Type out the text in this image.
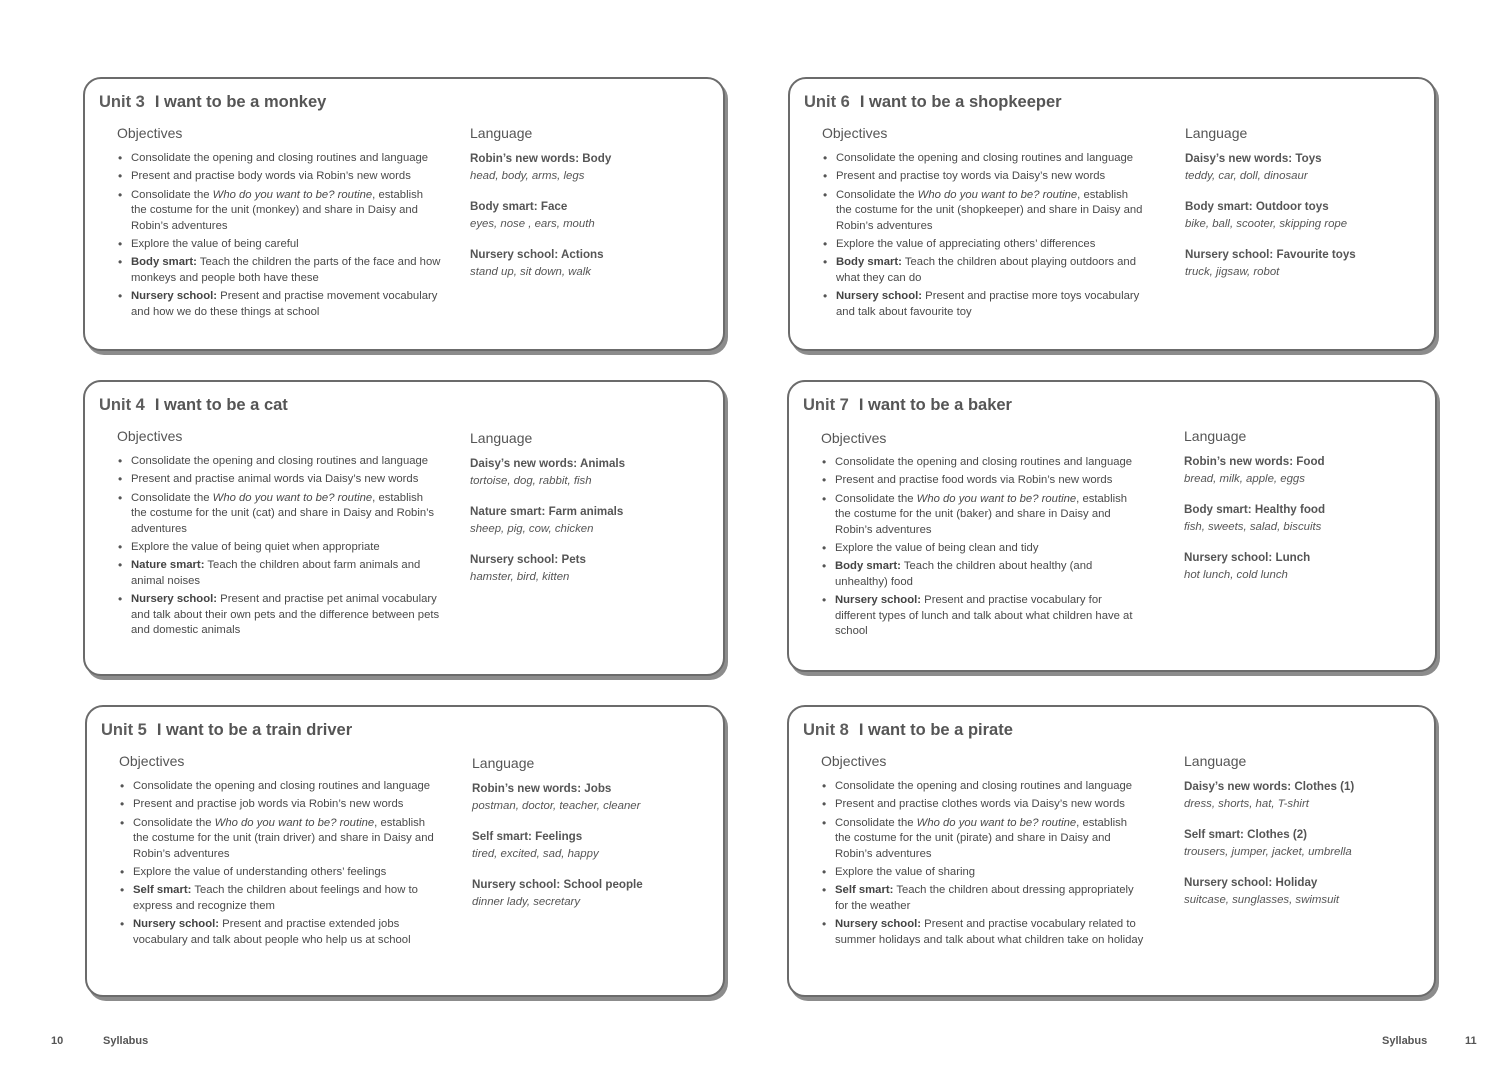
Unit 3 I want to be a monkey
Objectives
• Consolidate the opening and closing routines and language
• Present and practise body words via Robin’s new words
• Consolidate the Who do you want to be? routine, establish the costume for the unit (monkey) and share in Daisy and Robin’s adventures
• Explore the value of being careful
• Body smart: Teach the children the parts of the face and how monkeys and people both have these
• Nursery school: Present and practise movement vocabulary and how we do these things at school
Language
Robin’s new words: Body
head, body, arms, legs
Body smart: Face
eyes, nose , ears, mouth
Nursery school: Actions
stand up, sit down, walk
Unit 4 I want to be a cat
Objectives
• Consolidate the opening and closing routines and language
• Present and practise animal words via Daisy’s new words
• Consolidate the Who do you want to be? routine, establish the costume for the unit (cat) and share in Daisy and Robin’s adventures
• Explore the value of being quiet when appropriate
• Nature smart: Teach the children about farm animals and animal noises
• Nursery school: Present and practise pet animal vocabulary and talk about their own pets and the difference between pets and domestic animals
Language
Daisy’s new words: Animals
tortoise, dog, rabbit, fish
Nature smart: Farm animals
sheep, pig, cow, chicken
Nursery school: Pets
hamster, bird, kitten
Unit 5 I want to be a train driver
Objectives
• Consolidate the opening and closing routines and language
• Present and practise job words via Robin’s new words
• Consolidate the Who do you want to be? routine, establish the costume for the unit (train driver) and share in Daisy and Robin’s adventures
• Explore the value of understanding others’ feelings
• Self smart: Teach the children about feelings and how to express and recognize them
• Nursery school: Present and practise extended jobs vocabulary and talk about people who help us at school
Language
Robin’s new words: Jobs
postman, doctor, teacher, cleaner
Self smart: Feelings
tired, excited, sad, happy
Nursery school: School people
dinner lady, secretary
Unit 6 I want to be a shopkeeper
Objectives
• Consolidate the opening and closing routines and language
• Present and practise toy words via Daisy’s new words
• Consolidate the Who do you want to be? routine, establish the costume for the unit (shopkeeper) and share in Daisy and Robin’s adventures
• Explore the value of appreciating others’ differences
• Body smart: Teach the children about playing outdoors and what they can do
• Nursery school: Present and practise more toys vocabulary and talk about favourite toy
Language
Daisy’s new words: Toys
teddy, car, doll, dinosaur
Body smart: Outdoor toys
bike, ball, scooter, skipping rope
Nursery school: Favourite toys
truck, jigsaw, robot
Unit 7 I want to be a baker
Objectives
• Consolidate the opening and closing routines and language
• Present and practise food words via Robin’s new words
• Consolidate the Who do you want to be? routine, establish the costume for the unit (baker) and share in Daisy and Robin’s adventures
• Explore the value of being clean and tidy
• Body smart: Teach the children about healthy (and unhealthy) food
• Nursery school: Present and practise vocabulary for different types of lunch and talk about what children have at school
Language
Robin’s new words: Food
bread, milk, apple, eggs
Body smart: Healthy food
fish, sweets, salad, biscuits
Nursery school: Lunch
hot lunch, cold lunch
Unit 8 I want to be a pirate
Objectives
• Consolidate the opening and closing routines and language
• Present and practise clothes words via Daisy’s new words
• Consolidate the Who do you want to be? routine, establish the costume for the unit (pirate) and share in Daisy and Robin’s adventures
• Explore the value of sharing
• Self smart: Teach the children about dressing appropriately for the weather
• Nursery school: Present and practise vocabulary related to summer holidays and talk about what children take on holiday
Language
Daisy’s new words: Clothes (1)
dress, shorts, hat, T-shirt
Self smart: Clothes (2)
trousers, jumper, jacket, umbrella
Nursery school: Holiday
suitcase, sunglasses, swimsuit
10	Syllabus	Syllabus	11
